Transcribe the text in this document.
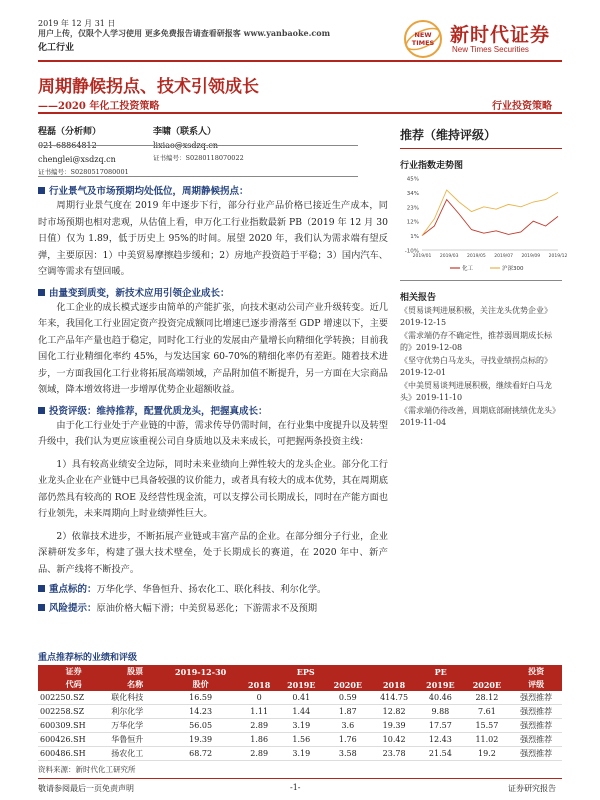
2019 年 12 月 31 日
用户上传，仅限个人学习使用 更多免费报告请查看研报客 www.yanbaoke.com
化工行业
NEW
TIMES 新时代证券
New Times Securities
周期静候拐点、技术引领成长
——2020 年化工投资策略	行业投资策略
程磊（分析师）
021-68864812
chenglei@xsdzq.cn
证书编号：S0280517080001
李啸（联系人）
lixiao@xsdzq.cn
证书编号：S0280118070022
推荐（维持评级）
行业指数走势图
45%
34%
23%
12%
1%
-10%
2019/01 2019/03 2019/05 2019/07 2019/09 2019/12
化工	沪深300
相关报告
《贸易谈判进展积极，关注龙头优势企业》2019-12-15
《需求端仍存不确定性，推荐弱周期成长标的》2019-12-08
《坚守优势白马龙头，寻找业绩拐点标的》2019-12-01
《中美贸易谈判进展积极，继续看好白马龙头》2019-11-10
《需求端仍待改善，周期底部耐挑绩优龙头》2019-11-04
行业景气及市场预期均处低位，周期静候拐点：

周期行业景气度在 2019 年中逐步下行，部分行业产品价格已接近生产成本，同时市场预期也相对悲观，从估值上看，申万化工行业指数最新 PB（2019 年 12 月 30 日值）仅为 1.89，低于历史上 95%的时间。展望 2020 年，我们认为需求端有望反弹，主要原因：1）中美贸易摩擦趋步缓和；2）房地产投资趋于平稳；3）国内汽车、空调等需求有望回暖。

由量变到质变，新技术应用引领企业成长：

化工企业的成长模式逐步由简单的产能扩张，向技术驱动公司产业升级转变。近几年来，我国化工行业固定资产投资完成额同比增速已逐步滑落至 GDP 增速以下，主要化工产品年产量也趋于稳定，同时化工行业的发展由产量增长向精细化学转换；目前我国化工行业精细化率约 45%，与发达国家 60-70%的精细化率仍有差距。随着技术进步，一方面我国化工行业将拓展高端领域，产品附加值不断提升，另一方面在大宗商品领域，降本增效将进一步增厚优势企业超额收益。

投资评级：维持推荐，配置优质龙头，把握真成长：

由于化工行业处于产业链的中游，需求传导仍需时间，在行业集中度提升以及转型升级中，我们认为更应该重视公司自身质地以及未来成长，可把握两条投资主线：

1）具有较高业绩安全边际，同时未来业绩向上弹性较大的龙头企业。部分化工行业龙头企业在产业链中已具备较强的议价能力，或者具有较大的成本优势，其在周期底部仍然具有较高的 ROE 及经营性现金流，可以支撑公司长期成长，同时在产能方面也行业领先，未来周期向上时业绩弹性巨大。

2）依靠技术进步，不断拓展产业链或丰富产品的企业。在部分细分子行业，企业深耕研发多年，构建了强大技术壁垒，处于长期成长的赛道，在 2020 年中、新产品、新产线将不断投产。

重点标的：万华化学、华鲁恒升、扬农化工、联化科技、利尔化学。
风险提示：原油价格大幅下滑；中美贸易恶化；下游需求不及预期
重点推荐标的业绩和评级
证券	股票	2019-12-30	EPS			PE			投资
代码	名称	股价	2018	2019E	2020E	2018	2019E	2020E	评级
002250.SZ	联化科技	16.59	0	0.41	0.59	414.75	40.46	28.12	强烈推荐
002258.SZ	利尔化学	14.23	1.11	1.44	1.87	12.82	9.88	7.61	强烈推荐
600309.SH	万华化学	56.05	2.89	3.19	3.6	19.39	17.57	15.57	强烈推荐
600426.SH	华鲁恒升	19.39	1.86	1.56	1.76	10.42	12.43	11.02	强烈推荐
600486.SH	扬农化工	68.72	2.89	3.19	3.58	23.78	21.54	19.2	强烈推荐
资料来源：新时代化工研究所
敬请参阅最后一页免责声明	-1-	证券研究报告
